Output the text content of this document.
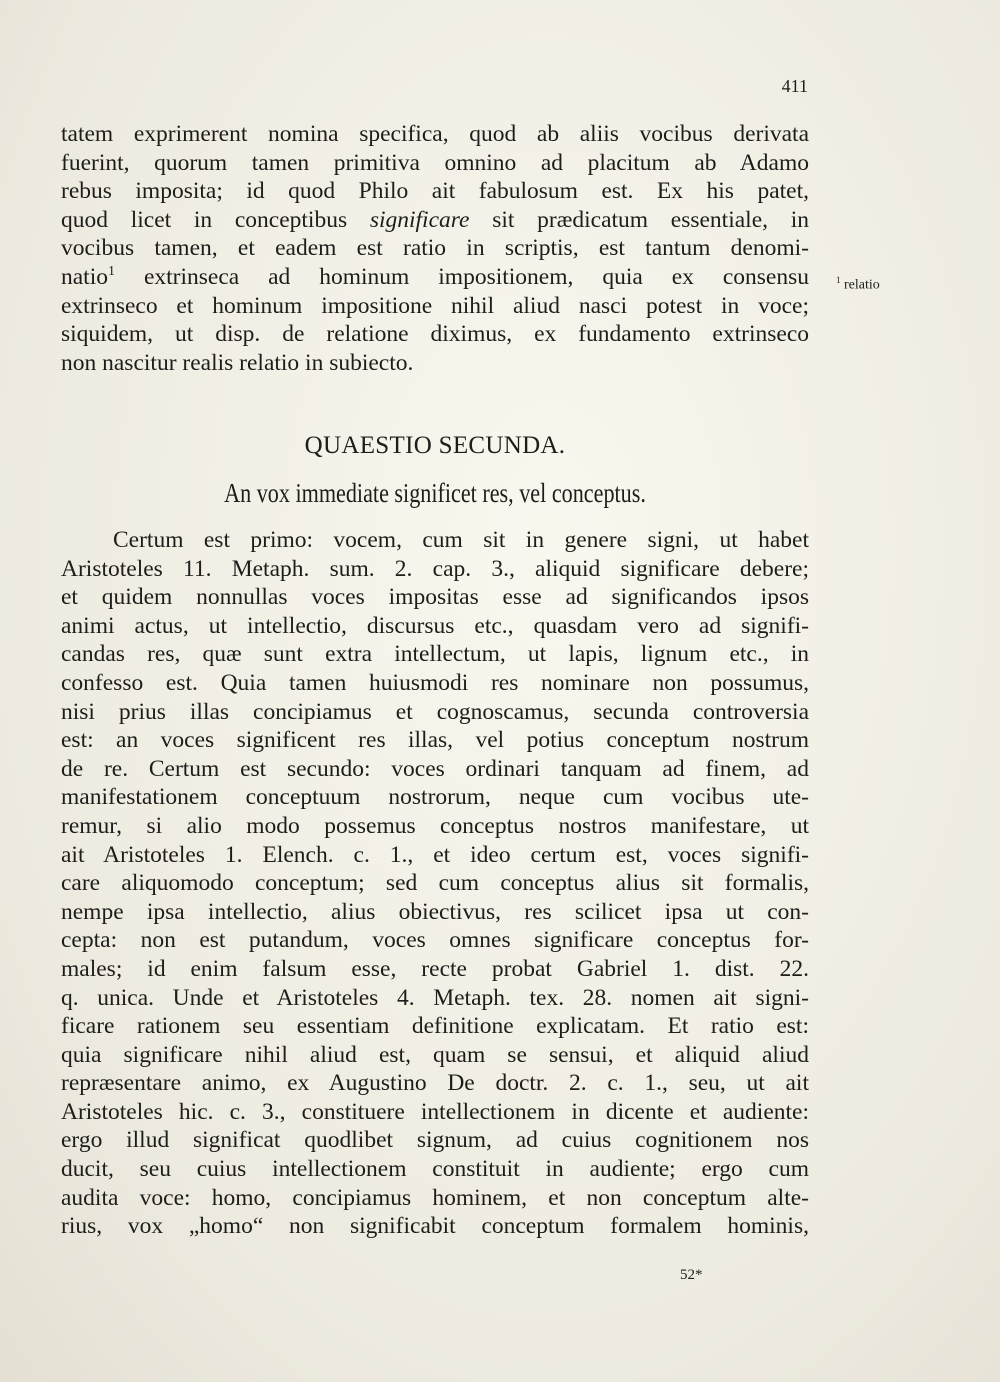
411
tatem exprimerent nomina specifica, quod ab aliis vocibus derivata
fuerint, quorum tamen primitiva omnino ad placitum ab Adamo
rebus imposita; id quod Philo ait fabulosum est. Ex his patet,
quod licet in conceptibus significare sit prædicatum essentiale, in
vocibus tamen, et eadem est ratio in scriptis, est tantum denomi-
natio$^1$ extrinseca ad hominum impositionem, quia ex consensu
extrinseco et hominum impositione nihil aliud nasci potest in voce;
siquidem, ut disp. de relatione diximus, ex fundamento extrinseco
non nascitur realis relatio in subiecto.
$^1$ relatio
QUAESTIO SECUNDA.
An vox immediate significet res, vel conceptus.
Certum est primo: vocem, cum sit in genere signi, ut habet
Aristoteles 11. Metaph. sum. 2. cap. 3., aliquid significare debere;
et quidem nonnullas voces impositas esse ad significandos ipsos
animi actus, ut intellectio, discursus etc., quasdam vero ad signifi-
candas res, quæ sunt extra intellectum, ut lapis, lignum etc., in
confesso est. Quia tamen huiusmodi res nominare non possumus,
nisi prius illas concipiamus et cognoscamus, secunda controversia
est: an voces significent res illas, vel potius conceptum nostrum
de re. Certum est secundo: voces ordinari tanquam ad finem, ad
manifestationem conceptuum nostrorum, neque cum vocibus ute-
remur, si alio modo possemus conceptus nostros manifestare, ut
ait Aristoteles 1. Elench. c. 1., et ideo certum est, voces signifi-
care aliquomodo conceptum; sed cum conceptus alius sit formalis,
nempe ipsa intellectio, alius obiectivus, res scilicet ipsa ut con-
cepta: non est putandum, voces omnes significare conceptus for-
males; id enim falsum esse, recte probat Gabriel 1. dist. 22.
q. unica. Unde et Aristoteles 4. Metaph. tex. 28. nomen ait signi-
ficare rationem seu essentiam definitione explicatam. Et ratio est:
quia significare nihil aliud est, quam se sensui, et aliquid aliud
repræsentare animo, ex Augustino De doctr. 2. c. 1., seu, ut ait
Aristoteles hic. c. 3., constituere intellectionem in dicente et audiente:
ergo illud significat quodlibet signum, ad cuius cognitionem nos
ducit, seu cuius intellectionem constituit in audiente; ergo cum
audita voce: homo, concipiamus hominem, et non conceptum alte-
rius, vox „homo“ non significabit conceptum formalem hominis,
52*
